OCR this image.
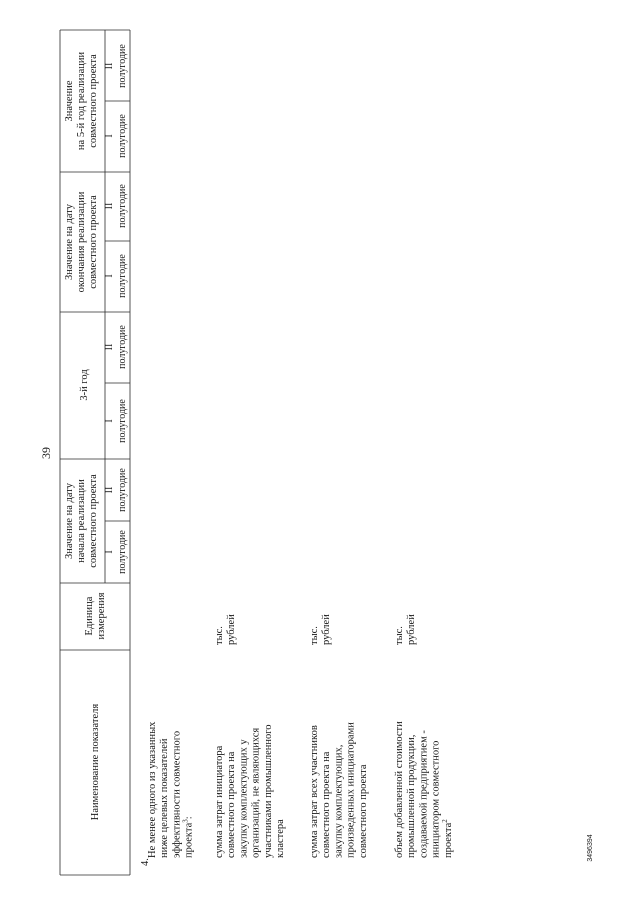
39
3496394
Наименование показателя
Единица измерения
Значение на дату начала реализации совместного проекта
3-й год
Значение на дату окончания реализации совместного проекта
Значение на 5-й год реализации совместного проекта
I полугодие
II полугодие
I полугодие
II полугодие
I полугодие
II полугодие
I полугодие
II полугодие
4.
Не менее одного из указанных ниже целевых показателей эффективности совместного проекта$^3$: сумма затрат инициатора совместного проекта на закупку комплектующих у организаций, не являющихся участниками промышленного кластера
тыс. рублей
сумма затрат всех участников совместного проекта на закупку комплектующих, произведенных инициаторами совместного проекта
тыс. рублей
объем добавленной стоимости промышленной продукции, создаваемой предприятием - инициатором совместного проекта$^2$
тыс. рублей
